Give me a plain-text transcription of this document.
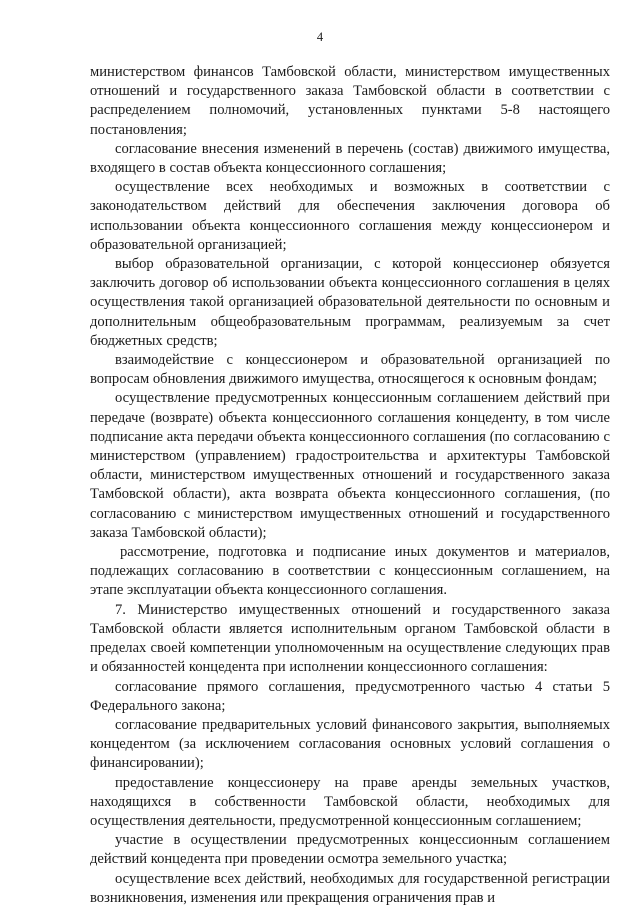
4

министерством финансов Тамбовской области, министерством имущественных отношений и государственного заказа Тамбовской области в соответствии с распределением полномочий, установленных пунктами 5-8 настоящего постановления;

согласование внесения изменений в перечень (состав) движимого имущества, входящего в состав объекта концессионного соглашения;

осуществление всех необходимых и возможных в соответствии с законодательством действий для обеспечения заключения договора об использовании объекта концессионного соглашения между концессионером и образовательной организацией;

выбор образовательной организации, с которой концессионер обязуется заключить договор об использовании объекта концессионного соглашения в целях осуществления такой организацией образовательной деятельности по основным и дополнительным общеобразовательным программам, реализуемым за счет бюджетных средств;

взаимодействие с концессионером и образовательной организацией по вопросам обновления движимого имущества, относящегося к основным фондам;

осуществление предусмотренных концессионным соглашением действий при передаче (возврате) объекта концессионного соглашения концеденту, в том числе подписание акта передачи объекта концессионного соглашения (по согласованию с министерством (управлением) градостроительства и архитектуры Тамбовской области, министерством имущественных отношений и государственного заказа Тамбовской области), акта возврата объекта концессионного соглашения, (по согласованию с министерством имущественных отношений и государственного заказа Тамбовской области);

рассмотрение, подготовка и подписание иных документов и материалов, подлежащих согласованию в соответствии с концессионным соглашением, на этапе эксплуатации объекта концессионного соглашения.

7. Министерство имущественных отношений и государственного заказа Тамбовской области является исполнительным органом Тамбовской области в пределах своей компетенции уполномоченным на осуществление следующих прав и обязанностей концедента при исполнении концессионного соглашения:

согласование прямого соглашения, предусмотренного частью 4 статьи 5 Федерального закона;

согласование предварительных условий финансового закрытия, выполняемых концедентом (за исключением согласования основных условий соглашения о финансировании);

предоставление концессионеру на праве аренды земельных участков, находящихся в собственности Тамбовской области, необходимых для осуществления деятельности, предусмотренной концессионным соглашением;

участие в осуществлении предусмотренных концессионным соглашением действий концедента при проведении осмотра земельного участка;

осуществление всех действий, необходимых для государственной регистрации возникновения, изменения или прекращения ограничения прав и
